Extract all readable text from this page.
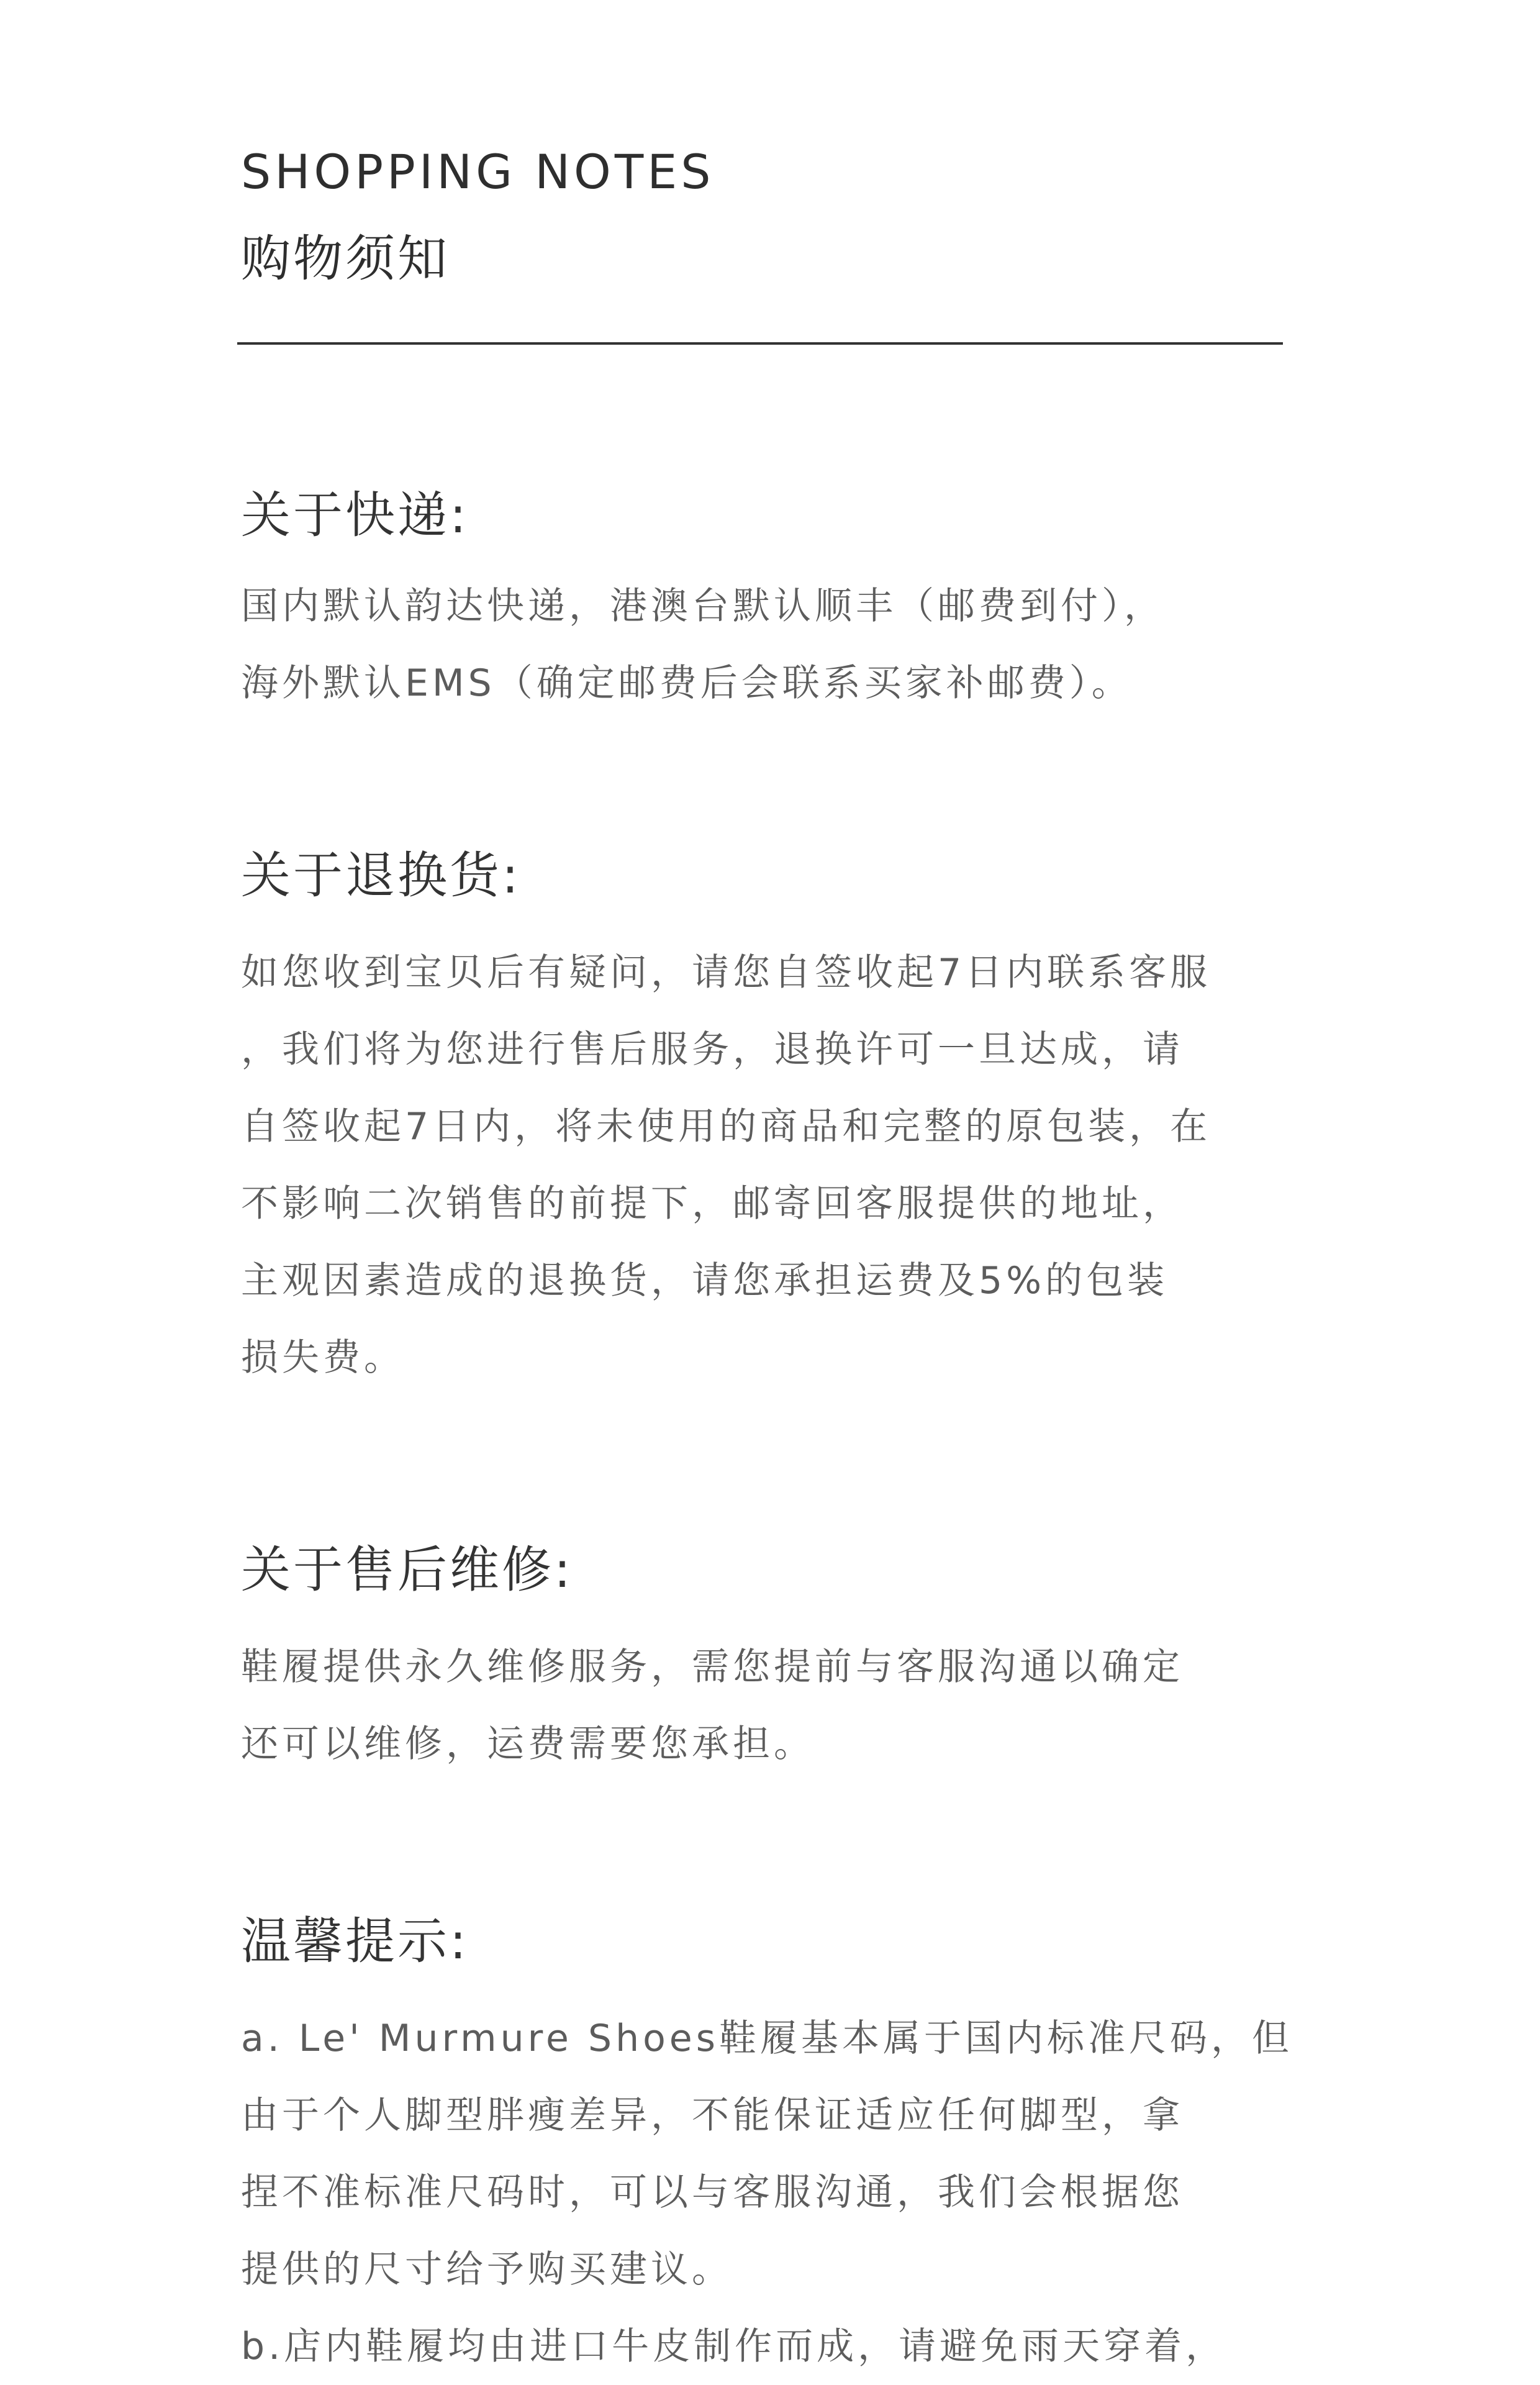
SHOPPING NOTES
购物须知
关于快递:
国内默认韵达快递，港澳台默认顺丰（邮费到付），
海外默认EMS（确定邮费后会联系买家补邮费）。
关于退换货:
如您收到宝贝后有疑问，请您自签收起7日内联系客服
，我们将为您进行售后服务，退换许可一旦达成，请
自签收起7日内，将未使用的商品和完整的原包装，在
不影响二次销售的前提下，邮寄回客服提供的地址，
主观因素造成的退换货，请您承担运费及5%的包装
损失费。
关于售后维修:
鞋履提供永久维修服务，需您提前与客服沟通以确定
还可以维修，运费需要您承担。
温馨提示:
a. Le' Murmure Shoes鞋履基本属于国内标准尺码，但
由于个人脚型胖瘦差异，不能保证适应任何脚型，拿
捏不准标准尺码时，可以与客服沟通，我们会根据您
提供的尺寸给予购买建议。
b.店内鞋履均由进口牛皮制作而成，请避免雨天穿着，
